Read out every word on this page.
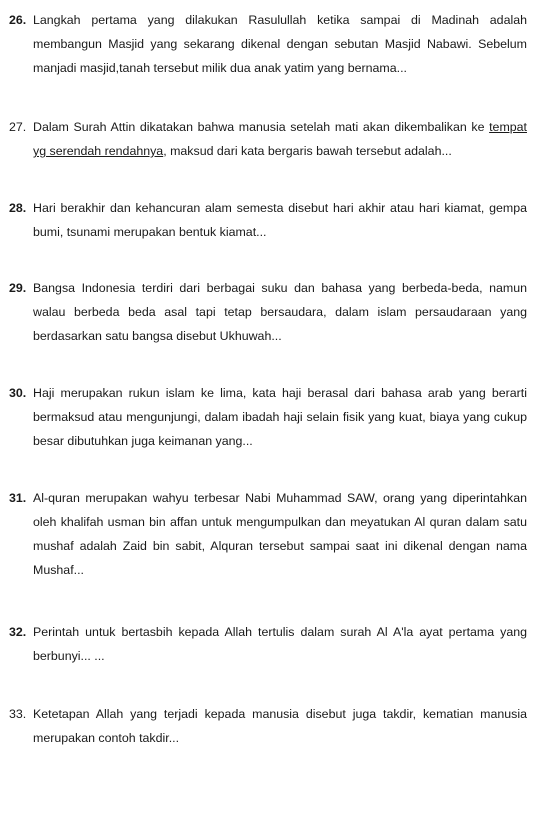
26. Langkah pertama yang dilakukan Rasulullah ketika sampai di Madinah adalah membangun Masjid yang sekarang dikenal dengan sebutan Masjid Nabawi. Sebelum manjadi masjid,tanah tersebut milik dua anak yatim yang bernama...
27. Dalam Surah Attin dikatakan bahwa manusia setelah mati akan dikembalikan ke tempat yg serendah rendahnya, maksud dari kata bergaris bawah tersebut adalah...
28. Hari berakhir dan kehancuran alam semesta disebut hari akhir atau hari kiamat, gempa bumi, tsunami merupakan bentuk kiamat...
29. Bangsa Indonesia terdiri dari berbagai suku dan bahasa yang berbeda-beda, namun walau berbeda beda asal tapi tetap bersaudara, dalam islam persaudaraan yang berdasarkan satu bangsa disebut Ukhuwah...
30. Haji merupakan rukun islam ke lima, kata haji berasal dari bahasa arab yang berarti bermaksud atau mengunjungi, dalam ibadah haji selain fisik yang kuat, biaya yang cukup besar dibutuhkan juga keimanan yang...
31. Al-quran merupakan wahyu terbesar Nabi Muhammad SAW, orang yang diperintahkan oleh khalifah usman bin affan untuk mengumpulkan dan meyatukan Al quran dalam satu mushaf adalah Zaid bin sabit, Alquran tersebut sampai saat ini dikenal dengan nama Mushaf...
32. Perintah untuk bertasbih kepada Allah tertulis dalam surah Al A'la ayat pertama yang berbunyi... ...
33. Ketetapan Allah yang terjadi kepada manusia disebut juga takdir, kematian manusia merupakan contoh takdir...
